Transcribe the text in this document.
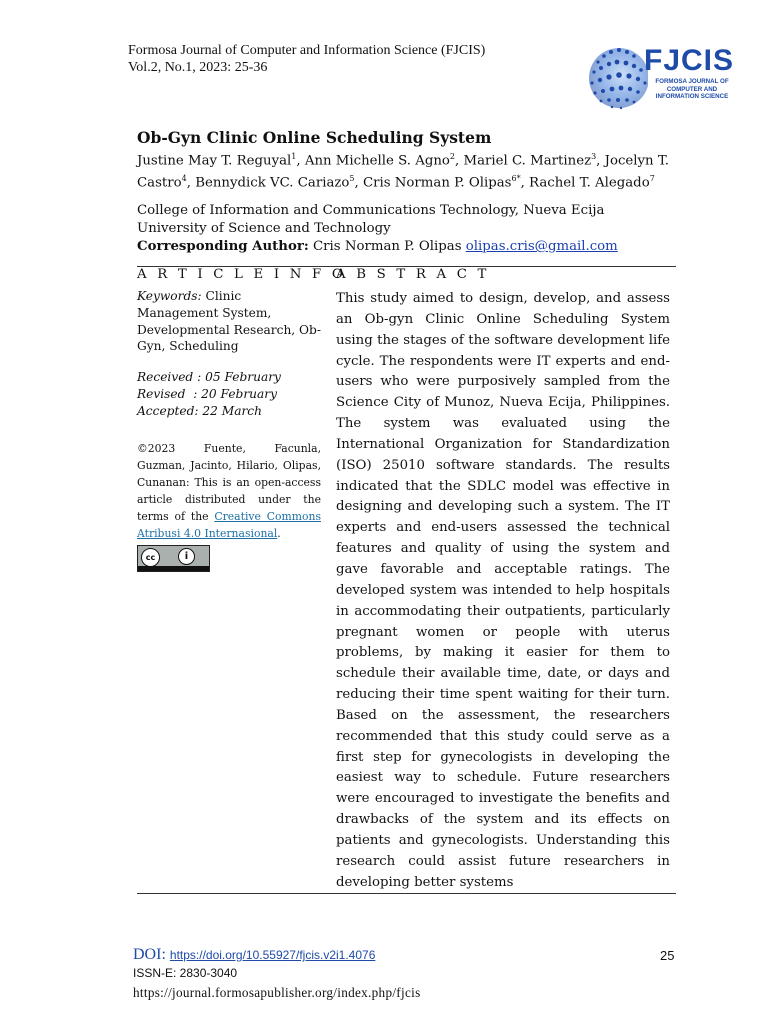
Formosa Journal of Computer and Information Science (FJCIS)
Vol.2, No.1, 2023: 25-36	FJCIS
FORMOSA JOURNAL OF
COMPUTER AND
INFORMATION SCIENCE
Ob-Gyn Clinic Online Scheduling System
Justine May T. Reguyal$^1$, Ann Michelle S. Agno$^2$, Mariel C. Martinez$^3$, Jocelyn T. Castro$^4$, Bennydick VC. Cariazo$^5$, Cris Norman P. Olipas$^{6*}$, Rachel T. Alegado$^7$
College of Information and Communications Technology, Nueva Ecija University of Science and Technology
Corresponding Author: Cris Norman P. Olipas olipas.cris@gmail.com
A R T I C L E I N F O
A B S T R A C T
Keywords: Clinic Management System, Developmental Research, Ob-Gyn, Scheduling
Received : 05 February
Revised  : 20 February
Accepted: 22 March
©2023 Fuente, Facunla, Guzman, Jacinto, Hilario, Olipas, Cunanan: This is an open-access article distributed under the terms of the Creative Commons Atribusi 4.0 Internasional.
cc	i
This study aimed to design, develop, and assess an Ob-gyn Clinic Online Scheduling System using the stages of the software development life cycle. The respondents were IT experts and end-users who were purposively sampled from the Science City of Munoz, Nueva Ecija, Philippines. The system was evaluated using the International Organization for Standardization (ISO) 25010 software standards. The results indicated that the SDLC model was effective in designing and developing such a system. The IT experts and end-users assessed the technical features and quality of using the system and gave favorable and acceptable ratings. The developed system was intended to help hospitals in accommodating their outpatients, particularly pregnant women or people with uterus problems, by making it easier for them to schedule their available time, date, or days and reducing their time spent waiting for their turn. Based on the assessment, the researchers recommended that this study could serve as a first step for gynecologists in developing the easiest way to schedule. Future researchers were encouraged to investigate the benefits and drawbacks of the system and its effects on patients and gynecologists. Understanding this research could assist future researchers in developing better systems
DOI: https://doi.org/10.55927/fjcis.v2i1.4076	25
ISSN-E: 2830-3040
https://journal.formosapublisher.org/index.php/fjcis
